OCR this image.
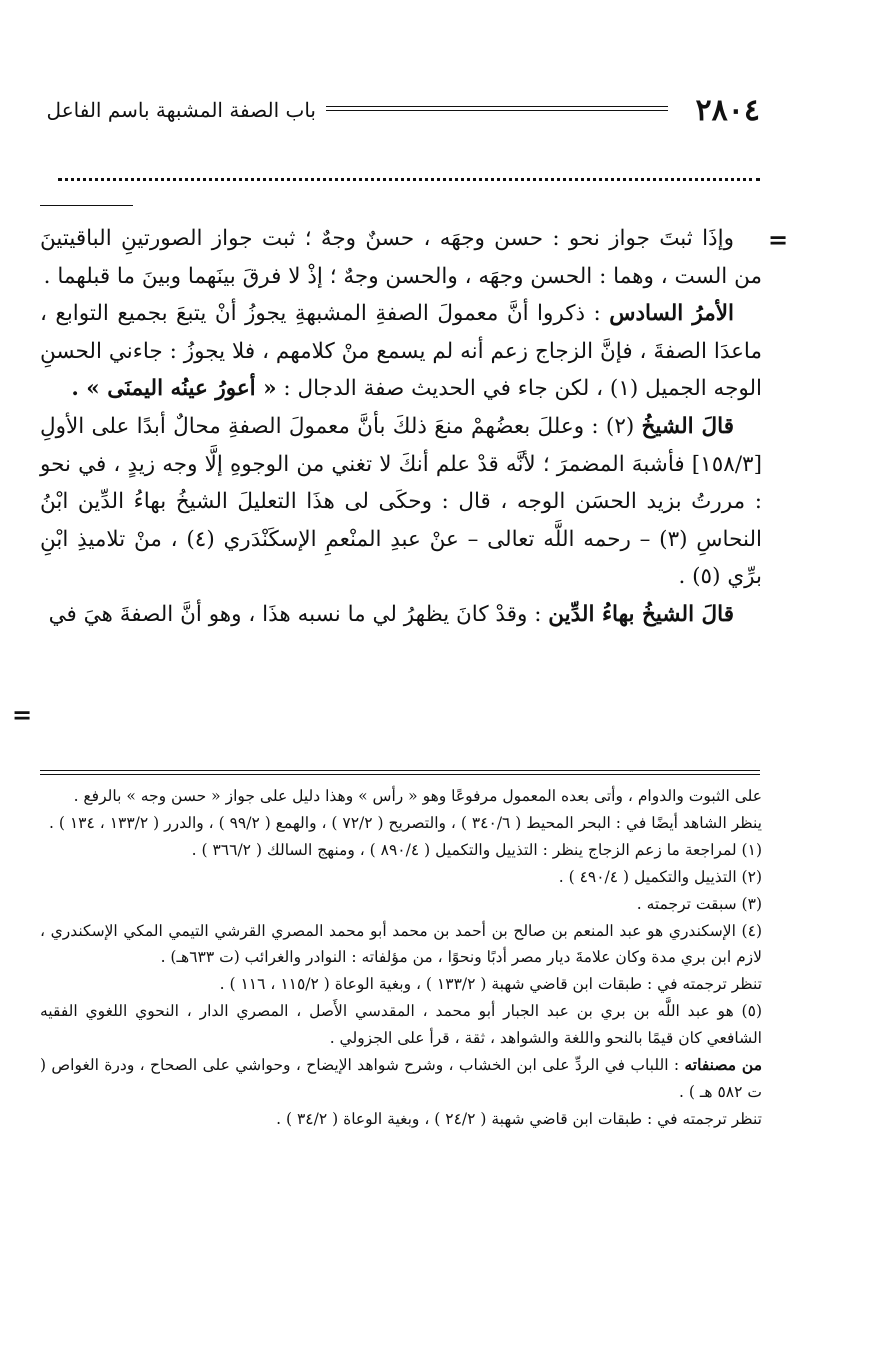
٢٨٠٤
باب الصفة المشبهة باسم الفاعل
=
=

وإذَا ثبتَ جواز نحو : حسن وجهَه ، حسنٌ وجهٌ ؛ ثبت جواز الصورتينِ الباقيتينَ من الست ، وهما : الحسن وجهَه ، والحسن وجهٌ ؛ إذْ لا فرقَ بينَهما وبينَ ما قبلهما .

الأمرُ السادس : ذكروا أنَّ معمولَ الصفةِ المشبهةِ يجوزُ أنْ يتبعَ بجميع التوابع ، ماعدَا الصفةَ ، فإنَّ الزجاج زعم أنه لم يسمع منْ كلامهم ، فلا يجوزُ : جاءني الحسنِ الوجه الجميل (١) ، لكن جاء في الحديث صفة الدجال : « أعورُ عينُه اليمنَى » .

قالَ الشيخُ (٢) : وعللَ بعضُهمْ منعَ ذلكَ بأنَّ معمولَ الصفةِ محالٌ أبدًا على الأولِ [١٥٨/٣] فأشبهَ المضمرَ ؛ لأنَّه قدْ علم أنكَ لا تغني من الوجوهِ إلَّا وجه زيدٍ ، في نحو : مررتُ بزيد الحسَن الوجه ، قال : وحكَى لى هذَا التعليلَ الشيخُ بهاءُ الدِّين ابْنُ النحاسِ (٣) – رحمه اللَّه تعالى – عنْ عبدِ المنْعمِ الإسكَنْدَري (٤) ، منْ تلاميذِ ابْنِ برِّي (٥) .

قالَ الشيخُ بهاءُ الدِّين : وقدْ كانَ يظهرُ لي ما نسبه هذَا ، وهو أنَّ الصفةَ هيَ في

على الثبوت والدوام ، وأتى بعده المعمول مرفوعًا وهو « رأس » وهذا دليل على جواز « حسن وجه » بالرفع .

ينظر الشاهد أيضًا في : البحر المحيط ( ٣٤٠/٦ ) ، والتصريح ( ٧٢/٢ ) ، والهمع ( ٩٩/٢ ) ، والدرر ( ١٣٣/٢ ، ١٣٤ ) .

(١) لمراجعة ما زعم الزجاج ينظر : التذييل والتكميل ( ٨٩٠/٤ ) ، ومنهج السالك ( ٣٦٦/٢ ) .

(٢) التذييل والتكميل ( ٤٩٠/٤ ) .

(٣) سبقت ترجمته .

(٤) الإسكندري هو عبد المنعم بن صالح بن أحمد بن محمد أبو محمد المصري القرشي التيمي المكي الإسكندري ، لازم ابن بري مدة وكان علامةَ ديار مصر أدبًا ونحوًا ، من مؤلفاته : النوادر والغرائب (ت ٦٣٣هـ) .

تنظر ترجمته في : طبقات ابن قاضي شهبة ( ١٣٣/٢ ) ، وبغية الوعاة ( ١١٥/٢ ، ١١٦ ) .

(٥) هو عبد اللَّه بن بري بن عبد الجبار أبو محمد ، المقدسي الأَصل ، المصري الدار ، النحوي اللغوي الفقيه الشافعي كان قيمًا بالنحو واللغة والشواهد ، ثقة ، قرأ على الجزولي .

من مصنفاته : اللباب في الردِّ على ابن الخشاب ، وشرح شواهد الإيضاح ، وحواشي على الصحاح ، ودرة الغواص ( ت ٥٨٢ هـ ) .

تنظر ترجمته في : طبقات ابن قاضي شهبة ( ٢٤/٢ ) ، وبغية الوعاة ( ٣٤/٢ ) .
